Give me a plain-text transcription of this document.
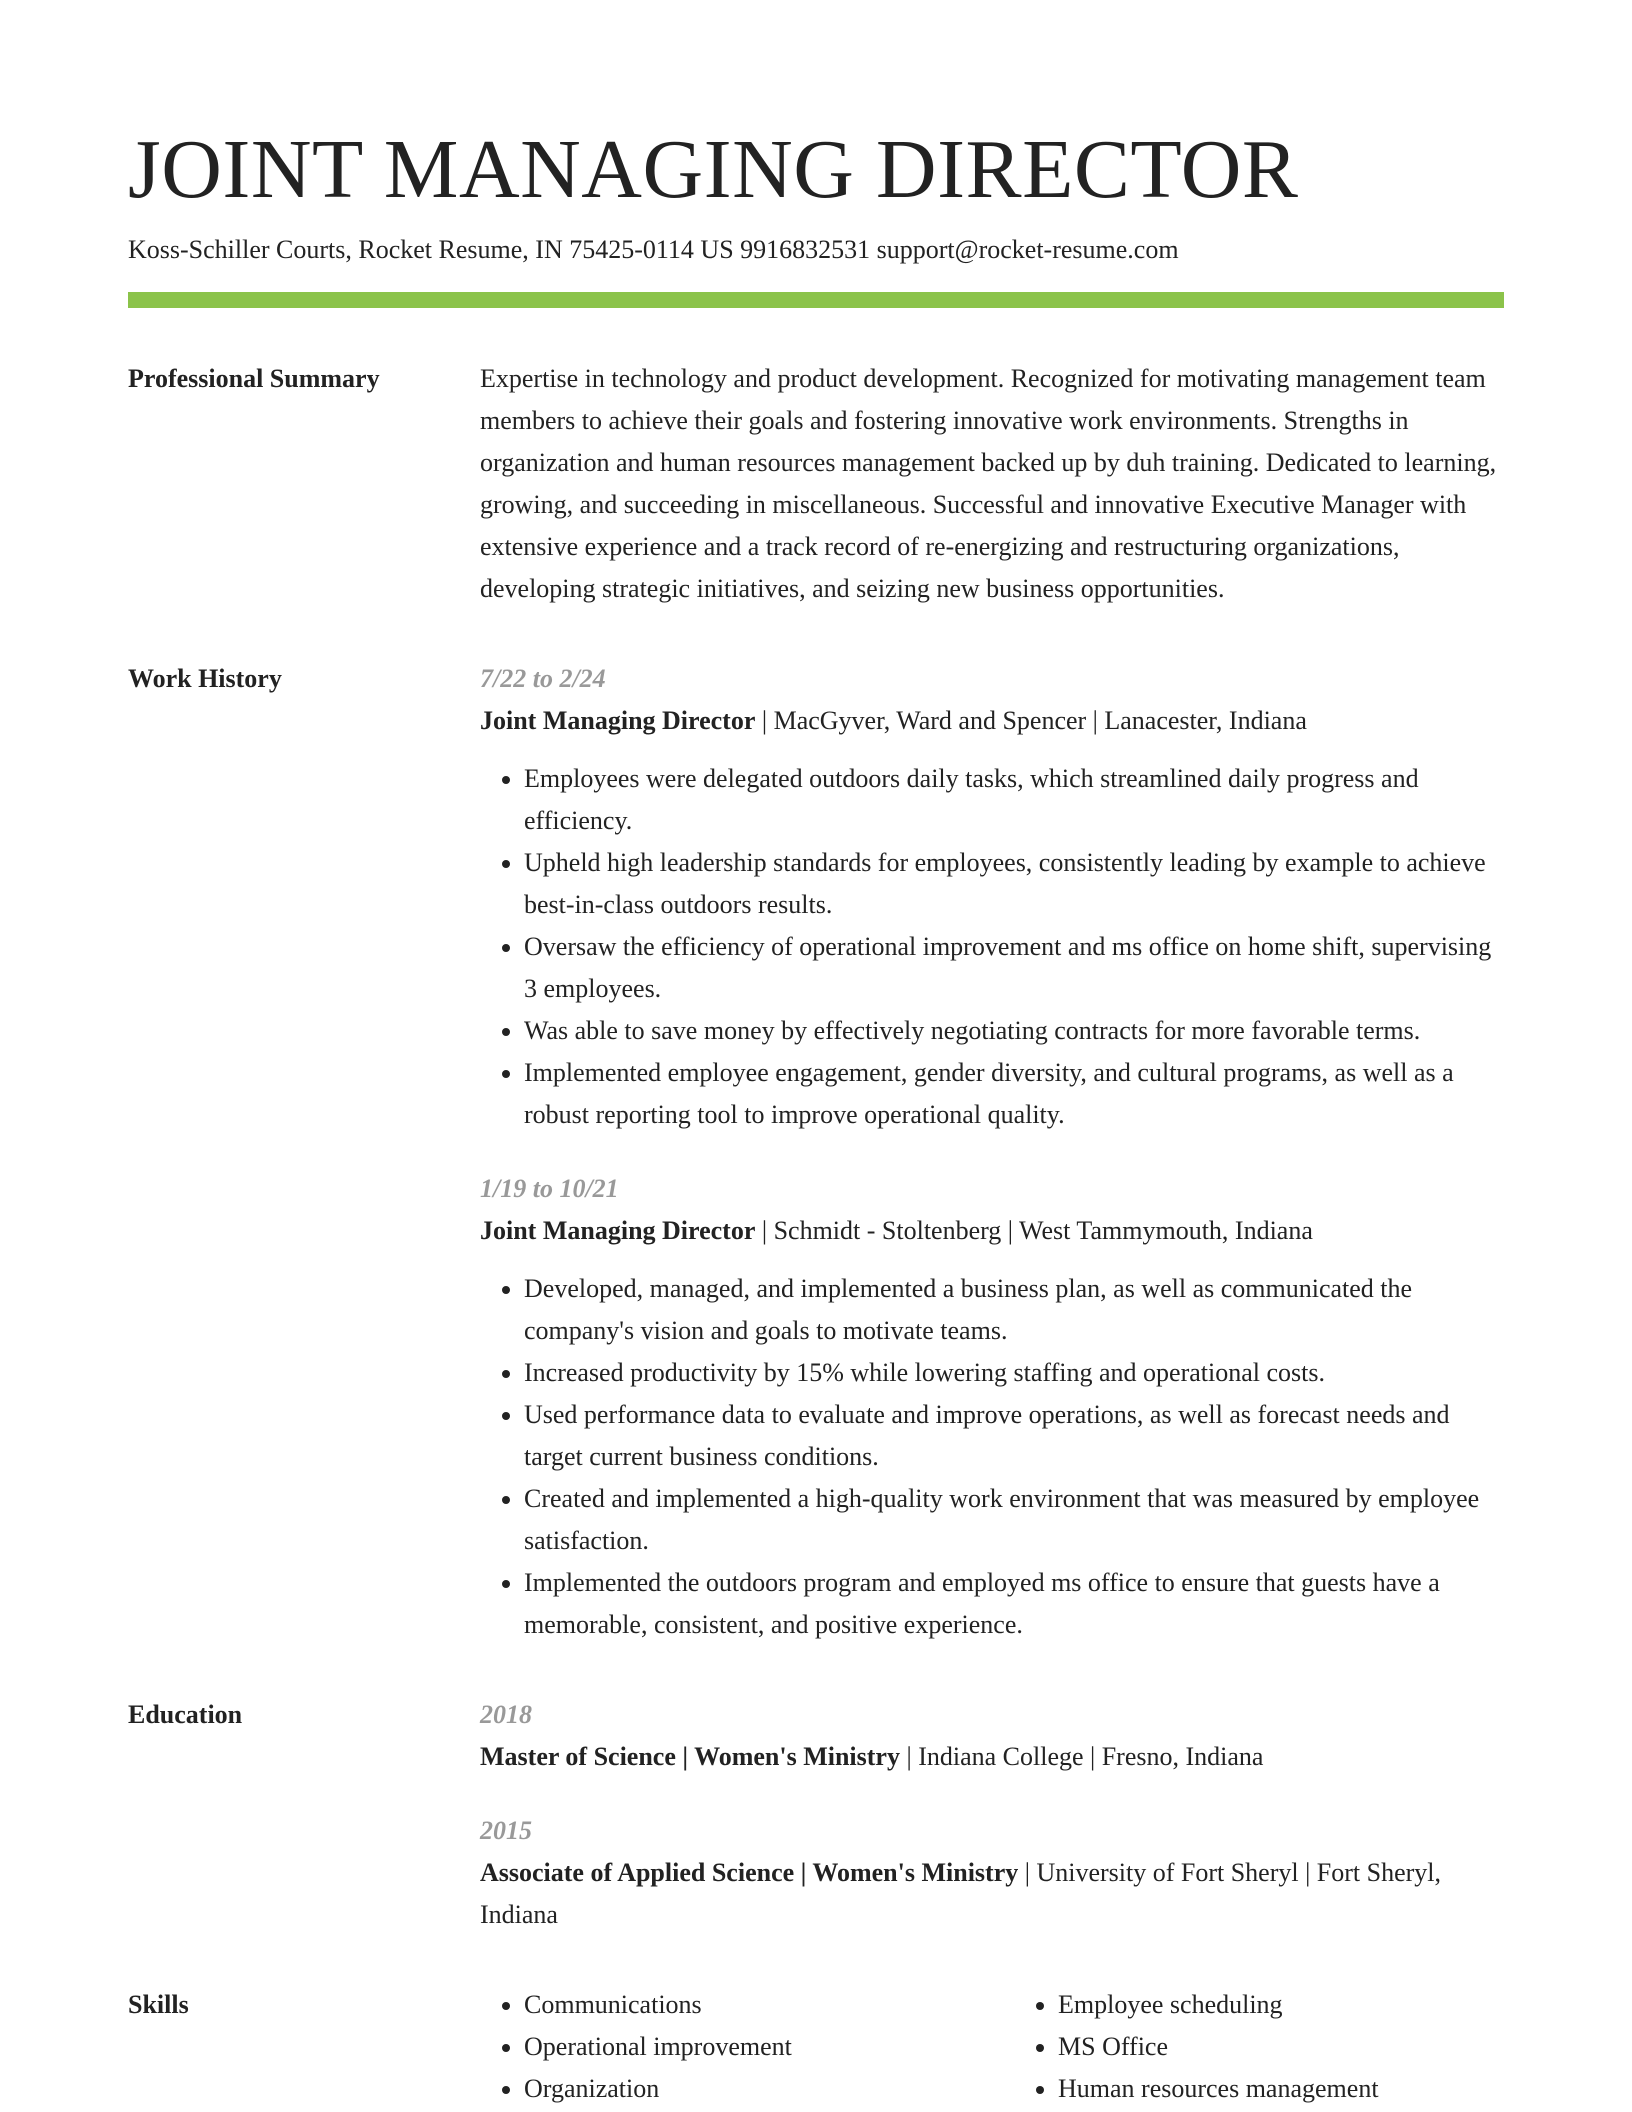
JOINT MANAGING DIRECTOR
Koss-Schiller Courts, Rocket Resume, IN 75425-0114 US 9916832531 support@rocket-resume.com
Professional Summary	Expertise in technology and product development. Recognized for motivating management team members to achieve their goals and fostering innovative work environments. Strengths in organization and human resources management backed up by duh training. Dedicated to learning, growing, and succeeding in miscellaneous. Successful and innovative Executive Manager with extensive experience and a track record of re-energizing and restructuring organizations, developing strategic initiatives, and seizing new business opportunities.

Work History	7/22 to 2/24
Joint Managing Director | MacGyver, Ward and Spencer | Lanacester, Indiana
• Employees were delegated outdoors daily tasks, which streamlined daily progress and efficiency.
• Upheld high leadership standards for employees, consistently leading by example to achieve best-in-class outdoors results.
• Oversaw the efficiency of operational improvement and ms office on home shift, supervising 3 employees.
• Was able to save money by effectively negotiating contracts for more favorable terms.
• Implemented employee engagement, gender diversity, and cultural programs, as well as a robust reporting tool to improve operational quality.
1/19 to 10/21
Joint Managing Director | Schmidt - Stoltenberg | West Tammymouth, Indiana
• Developed, managed, and implemented a business plan, as well as communicated the company's vision and goals to motivate teams.
• Increased productivity by 15% while lowering staffing and operational costs.
• Used performance data to evaluate and improve operations, as well as forecast needs and target current business conditions.
• Created and implemented a high-quality work environment that was measured by employee satisfaction.
• Implemented the outdoors program and employed ms office to ensure that guests have a memorable, consistent, and positive experience.
Education	2018
Master of Science | Women's Ministry | Indiana College | Fresno, Indiana
2015
Associate of Applied Science | Women's Ministry | University of Fort Sheryl | Fort Sheryl, Indiana
Skills
•	Communications
• Operational improvement
• Organization
• Employee scheduling
• MS Office
• Human resources management
